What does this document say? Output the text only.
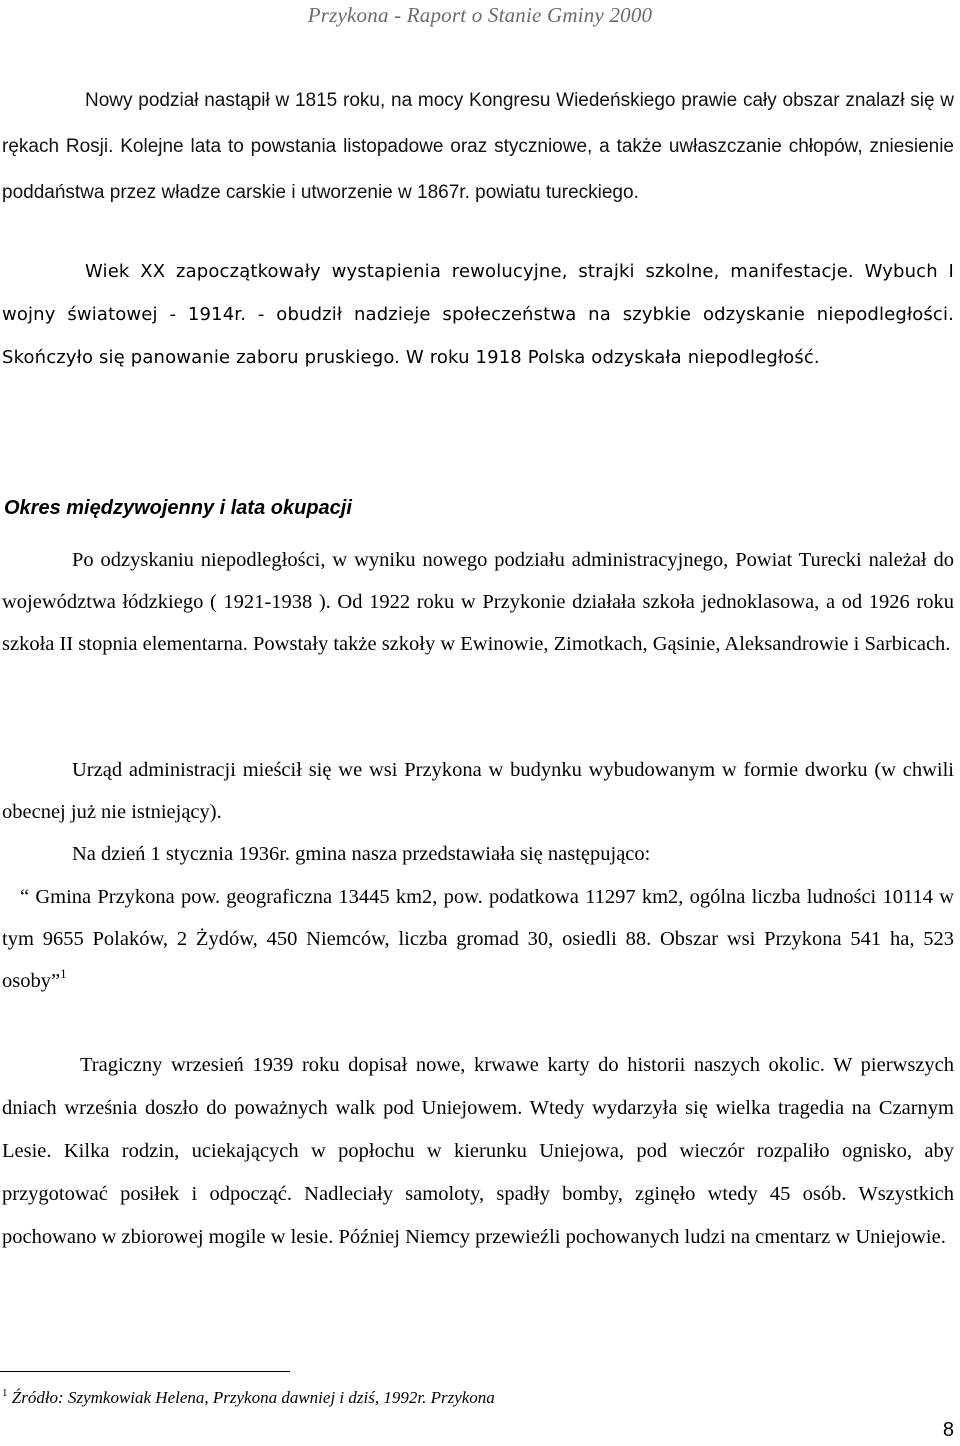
Przykona - Raport o Stanie Gminy 2000

Nowy podział nastąpił w 1815 roku, na mocy Kongresu Wiedeńskiego prawie cały obszar znalazł się w rękach Rosji. Kolejne lata to powstania listopadowe oraz styczniowe, a także uwłaszczanie chłopów, zniesienie poddaństwa przez władze carskie i utworzenie w 1867r. powiatu tureckiego.

Wiek XX zapoczątkowały wystapienia rewolucyjne, strajki szkolne, manifestacje. Wybuch I wojny światowej - 1914r. - obudził nadzieje społeczeństwa na szybkie odzyskanie niepodległości. Skończyło się panowanie zaboru pruskiego. W roku 1918 Polska odzyskała niepodległość.

Okres międzywojenny i lata okupacji

Po odzyskaniu niepodległości, w wyniku nowego podziału administracyjnego, Powiat Turecki należał do województwa łódzkiego ( 1921-1938 ). Od 1922 roku w Przykonie działała szkoła jednoklasowa, a od 1926 roku szkoła II stopnia elementarna. Powstały także szkoły w Ewinowie, Zimotkach, Gąsinie, Aleksandrowie i Sarbicach.

Urząd administracji mieścił się we wsi Przykona w budynku wybudowanym w formie dworku (w chwili obecnej już nie istniejący).

Na dzień 1 stycznia 1936r. gmina nasza przedstawiała się następująco:

“ Gmina Przykona pow. geograficzna 13445 km2, pow. podatkowa 11297 km2, ogólna liczba ludności 10114 w tym 9655 Polaków, 2 Żydów, 450 Niemców, liczba gromad 30, osiedli 88. Obszar wsi Przykona 541 ha, 523 osoby”$^1$

Tragiczny wrzesień 1939 roku dopisał nowe, krwawe karty do historii naszych okolic. W pierwszych dniach września doszło do poważnych walk pod Uniejowem. Wtedy wydarzyła się wielka tragedia na Czarnym Lesie. Kilka rodzin, uciekających w popłochu w kierunku Uniejowa, pod wieczór rozpaliło ognisko, aby przygotować posiłek i odpocząć. Nadleciały samoloty, spadły bomby, zginęło wtedy 45 osób. Wszystkich pochowano w zbiorowej mogile w lesie. Później Niemcy przewieźli pochowanych ludzi na cmentarz w Uniejowie.

$^1$ Źródło: Szymkowiak Helena, Przykona dawniej i dziś, 1992r. Przykona
8
